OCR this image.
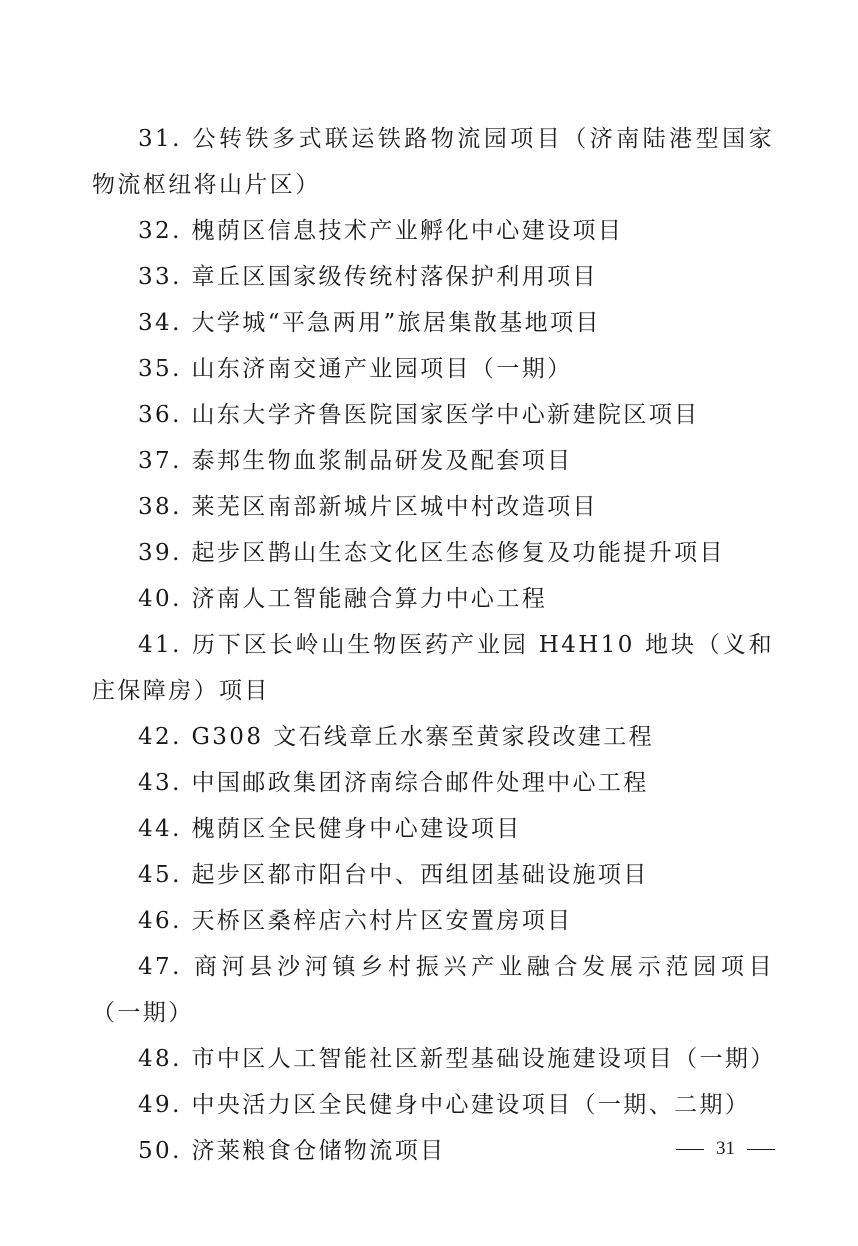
31. 公转铁多式联运铁路物流园项目（济南陆港型国家物流枢纽将山片区）

32. 槐荫区信息技术产业孵化中心建设项目

33. 章丘区国家级传统村落保护利用项目

34. 大学城“平急两用”旅居集散基地项目

35. 山东济南交通产业园项目（一期）

36. 山东大学齐鲁医院国家医学中心新建院区项目

37. 泰邦生物血浆制品研发及配套项目

38. 莱芜区南部新城片区城中村改造项目

39. 起步区鹊山生态文化区生态修复及功能提升项目

40. 济南人工智能融合算力中心工程

41. 历下区长岭山生物医药产业园 H4H10 地块（义和庄保障房）项目

42. G308 文石线章丘水寨至黄家段改建工程

43. 中国邮政集团济南综合邮件处理中心工程

44. 槐荫区全民健身中心建设项目

45. 起步区都市阳台中、西组团基础设施项目

46. 天桥区桑梓店六村片区安置房项目

47. 商河县沙河镇乡村振兴产业融合发展示范园项目（一期）

48. 市中区人工智能社区新型基础设施建设项目（一期）

49. 中央活力区全民健身中心建设项目（一期、二期）

50. 济莱粮食仓储物流项目	31
